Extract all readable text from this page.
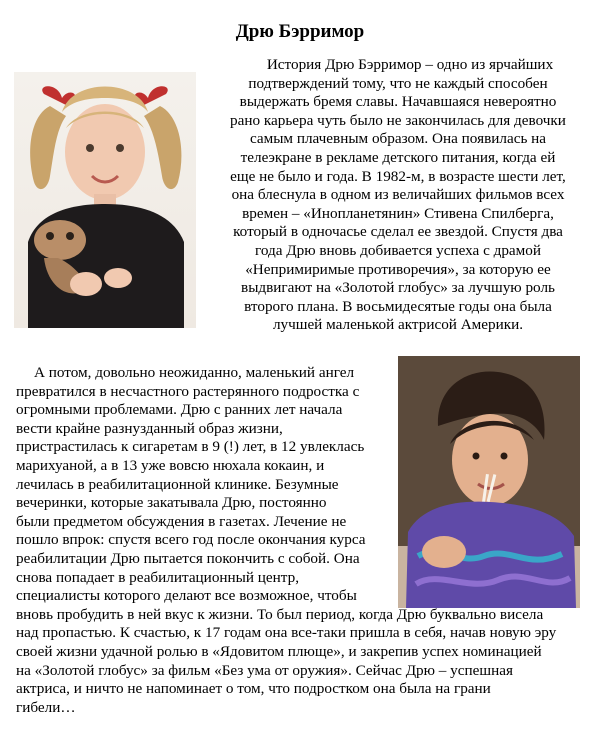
Дрю Бэрримор
История Дрю Бэрримор – одно из ярчайших
подтверждений тому, что не каждый способен
выдержать бремя славы. Начавшаяся невероятно
рано карьера чуть было не закончилась для девочки
самым плачевным образом. Она появилась на
телеэкране в рекламе детского питания, когда ей
еще не было и года. В 1982-м, в возрасте шести лет,
она блеснула в одном из величайших фильмов всех
времен – «Инопланетянин» Стивена Спилберга,
который в одночасье сделал ее звездой. Спустя два
года Дрю вновь добивается успеха с драмой
«Непримиримые противоречия», за которую ее
выдвигают на «Золотой глобус» за лучшую роль
второго плана. В восьмидесятые годы она была
лучшей маленькой актрисой Америки.
А потом, довольно неожиданно, маленький ангел
превратился в несчастного растерянного подростка с
огромными проблемами. Дрю с ранних лет начала
вести крайне разнузданный образ жизни,
пристрастилась к сигаретам в 9 (!) лет, в 12 увлеклась
марихуаной, а в 13 уже вовсю нюхала кокаин, и
лечилась в реабилитационной клинике. Безумные
вечеринки, которые закатывала Дрю, постоянно
были предметом обсуждения в газетах. Лечение не
пошло впрок: спустя всего год после окончания курса
реабилитации Дрю пытается покончить с собой. Она
снова попадает в реабилитационный центр,
специалисты которого делают все возможное, чтобы
вновь пробудить в ней вкус к жизни. То был период, когда Дрю буквально висела
над пропастью. К счастью, к 17 годам она все-таки пришла в себя, начав новую эру
своей жизни удачной ролью в «Ядовитом плюще», и закрепив успех номинацией
на «Золотой глобус» за фильм «Без ума от оружия». Сейчас Дрю – успешная
актриса, и ничто не напоминает о том, что подростком она была на грани
гибели…
